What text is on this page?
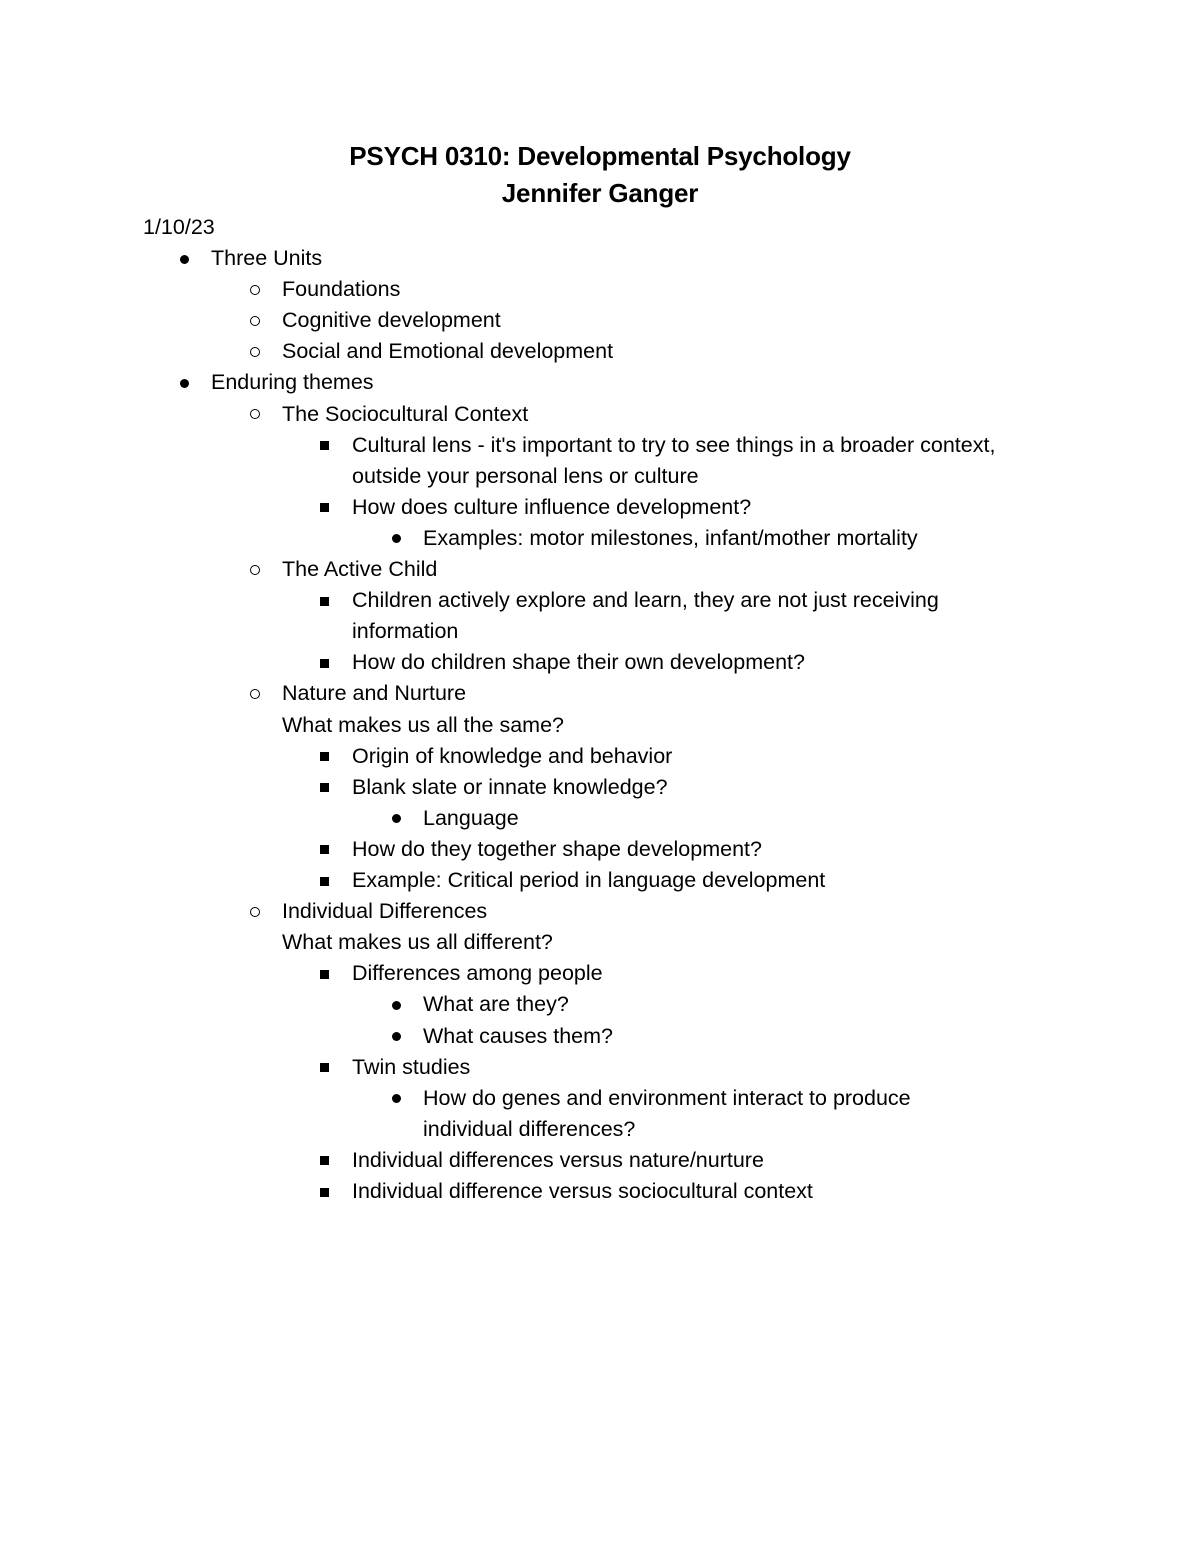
PSYCH 0310: Developmental Psychology
Jennifer Ganger
1/10/23
Three Units
Foundations
Cognitive development
Social and Emotional development
Enduring themes
The Sociocultural Context
Cultural lens - it's important to try to see things in a broader context,
outside your personal lens or culture
How does culture influence development?
Examples: motor milestones, infant/mother mortality
The Active Child
Children actively explore and learn, they are not just receiving
information
How do children shape their own development?
Nature and Nurture
What makes us all the same?
Origin of knowledge and behavior
Blank slate or innate knowledge?
Language
How do they together shape development?
Example: Critical period in language development
Individual Differences
What makes us all different?
Differences among people
What are they?
What causes them?
Twin studies
How do genes and environment interact to produce
individual differences?
Individual differences versus nature/nurture
Individual difference versus sociocultural context
